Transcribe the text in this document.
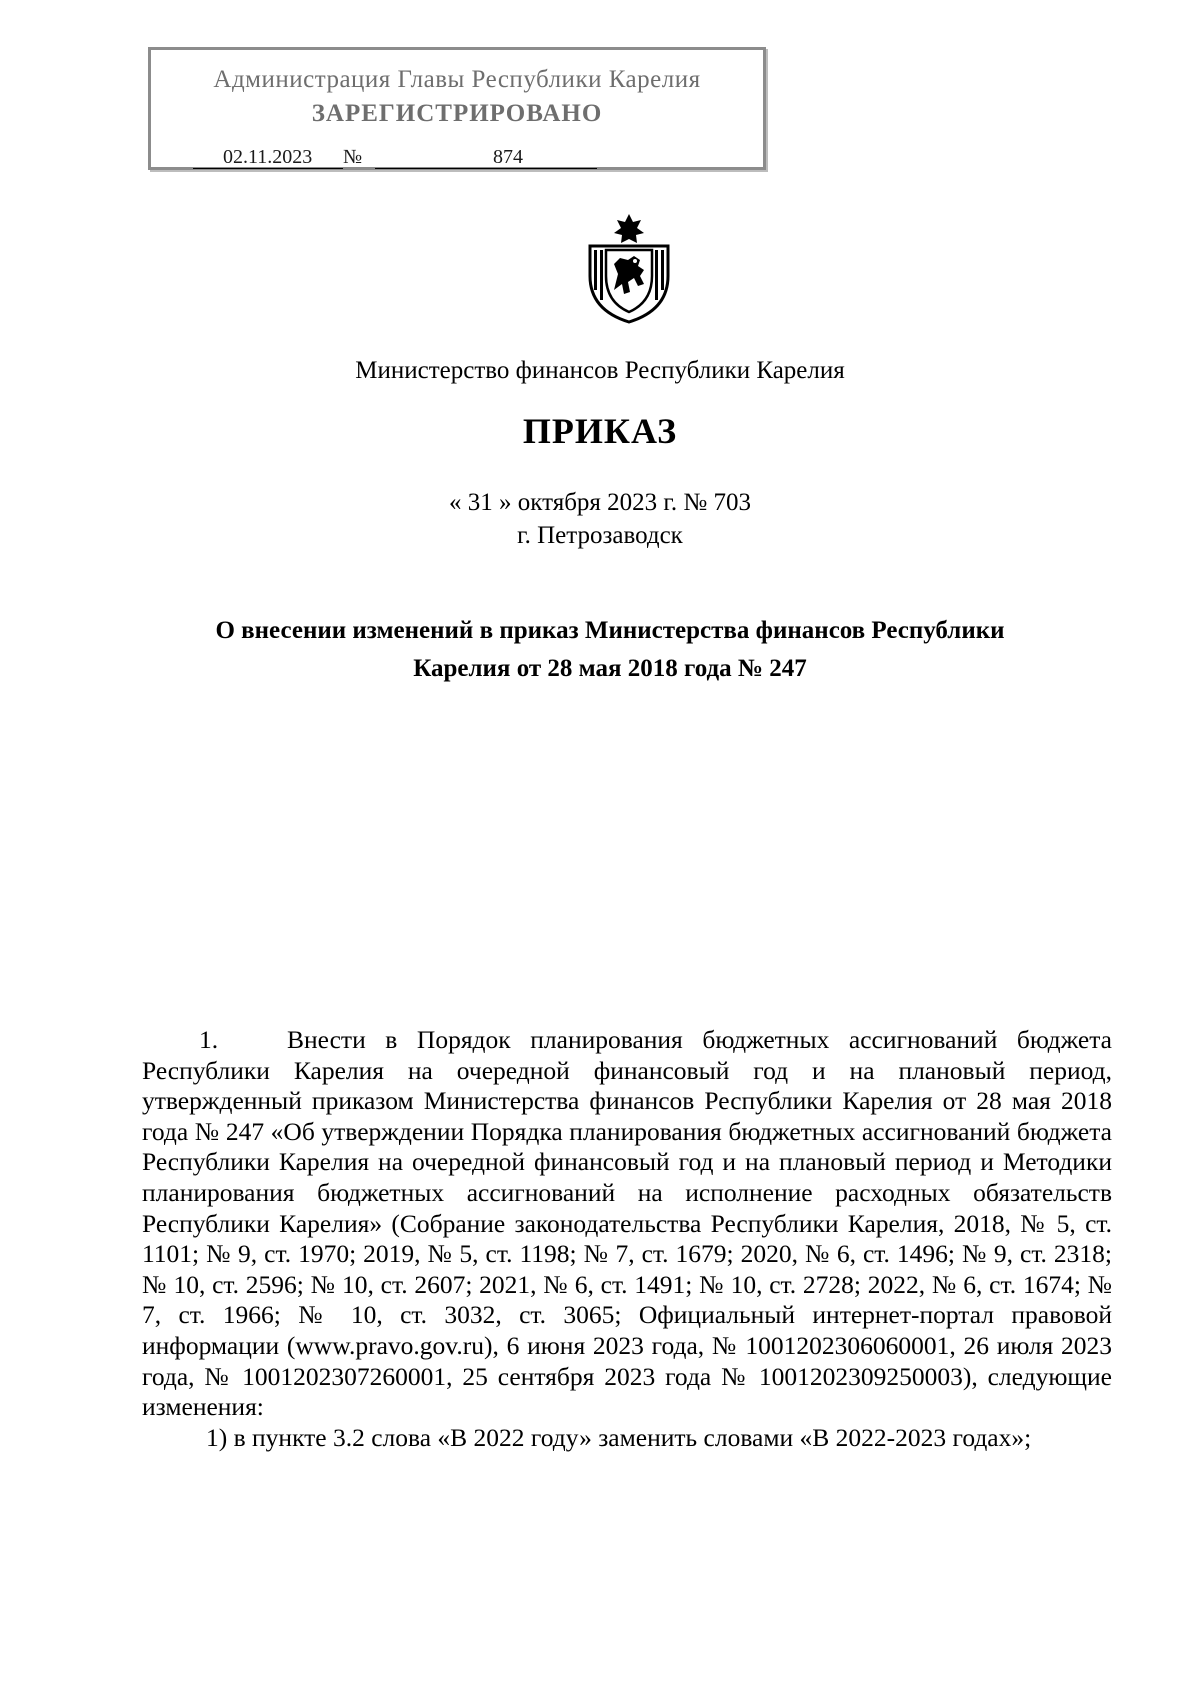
Администрация Главы Республики Карелия
ЗАРЕГИСТРИРОВАНО
02.11.2023 №	874
Министерство финансов Республики Карелия
ПРИКАЗ
« 31 » октября 2023 г. № 703
г. Петрозаводск
О внесении изменений в приказ Министерства финансов Республики
Карелия от 28 мая 2018 года № 247

1.	Внести в Порядок планирования бюджетных ассигнований бюджета Республики Карелия на очередной финансовый год и на плановый период, утвержденный приказом Министерства финансов Республики Карелия от 28 мая 2018 года № 247 «Об утверждении Порядка планирования бюджетных ассигнований бюджета Республики Карелия на очередной финансовый год и на плановый период и Методики планирования бюджетных ассигнований на исполнение расходных обязательств Республики Карелия» (Собрание законодательства Республики Карелия, 2018, № 5, ст. 1101; № 9, ст. 1970; 2019, № 5, ст. 1198; № 7, ст. 1679; 2020, № 6, ст. 1496; № 9, ст. 2318; № 10, ст. 2596; № 10, ст. 2607; 2021, № 6, ст. 1491; № 10, ст. 2728; 2022, № 6, ст. 1674; № 7, ст. 1966; № 10, ст. 3032, ст. 3065; Официальный интернет-портал правовой информации (www.pravo.gov.ru), 6 июня 2023 года, № 1001202306060001, 26 июля 2023 года, № 1001202307260001, 25 сентября 2023 года № 1001202309250003), следующие изменения:

1) в пункте 3.2 слова «В 2022 году» заменить словами «В 2022-2023 годах»;
